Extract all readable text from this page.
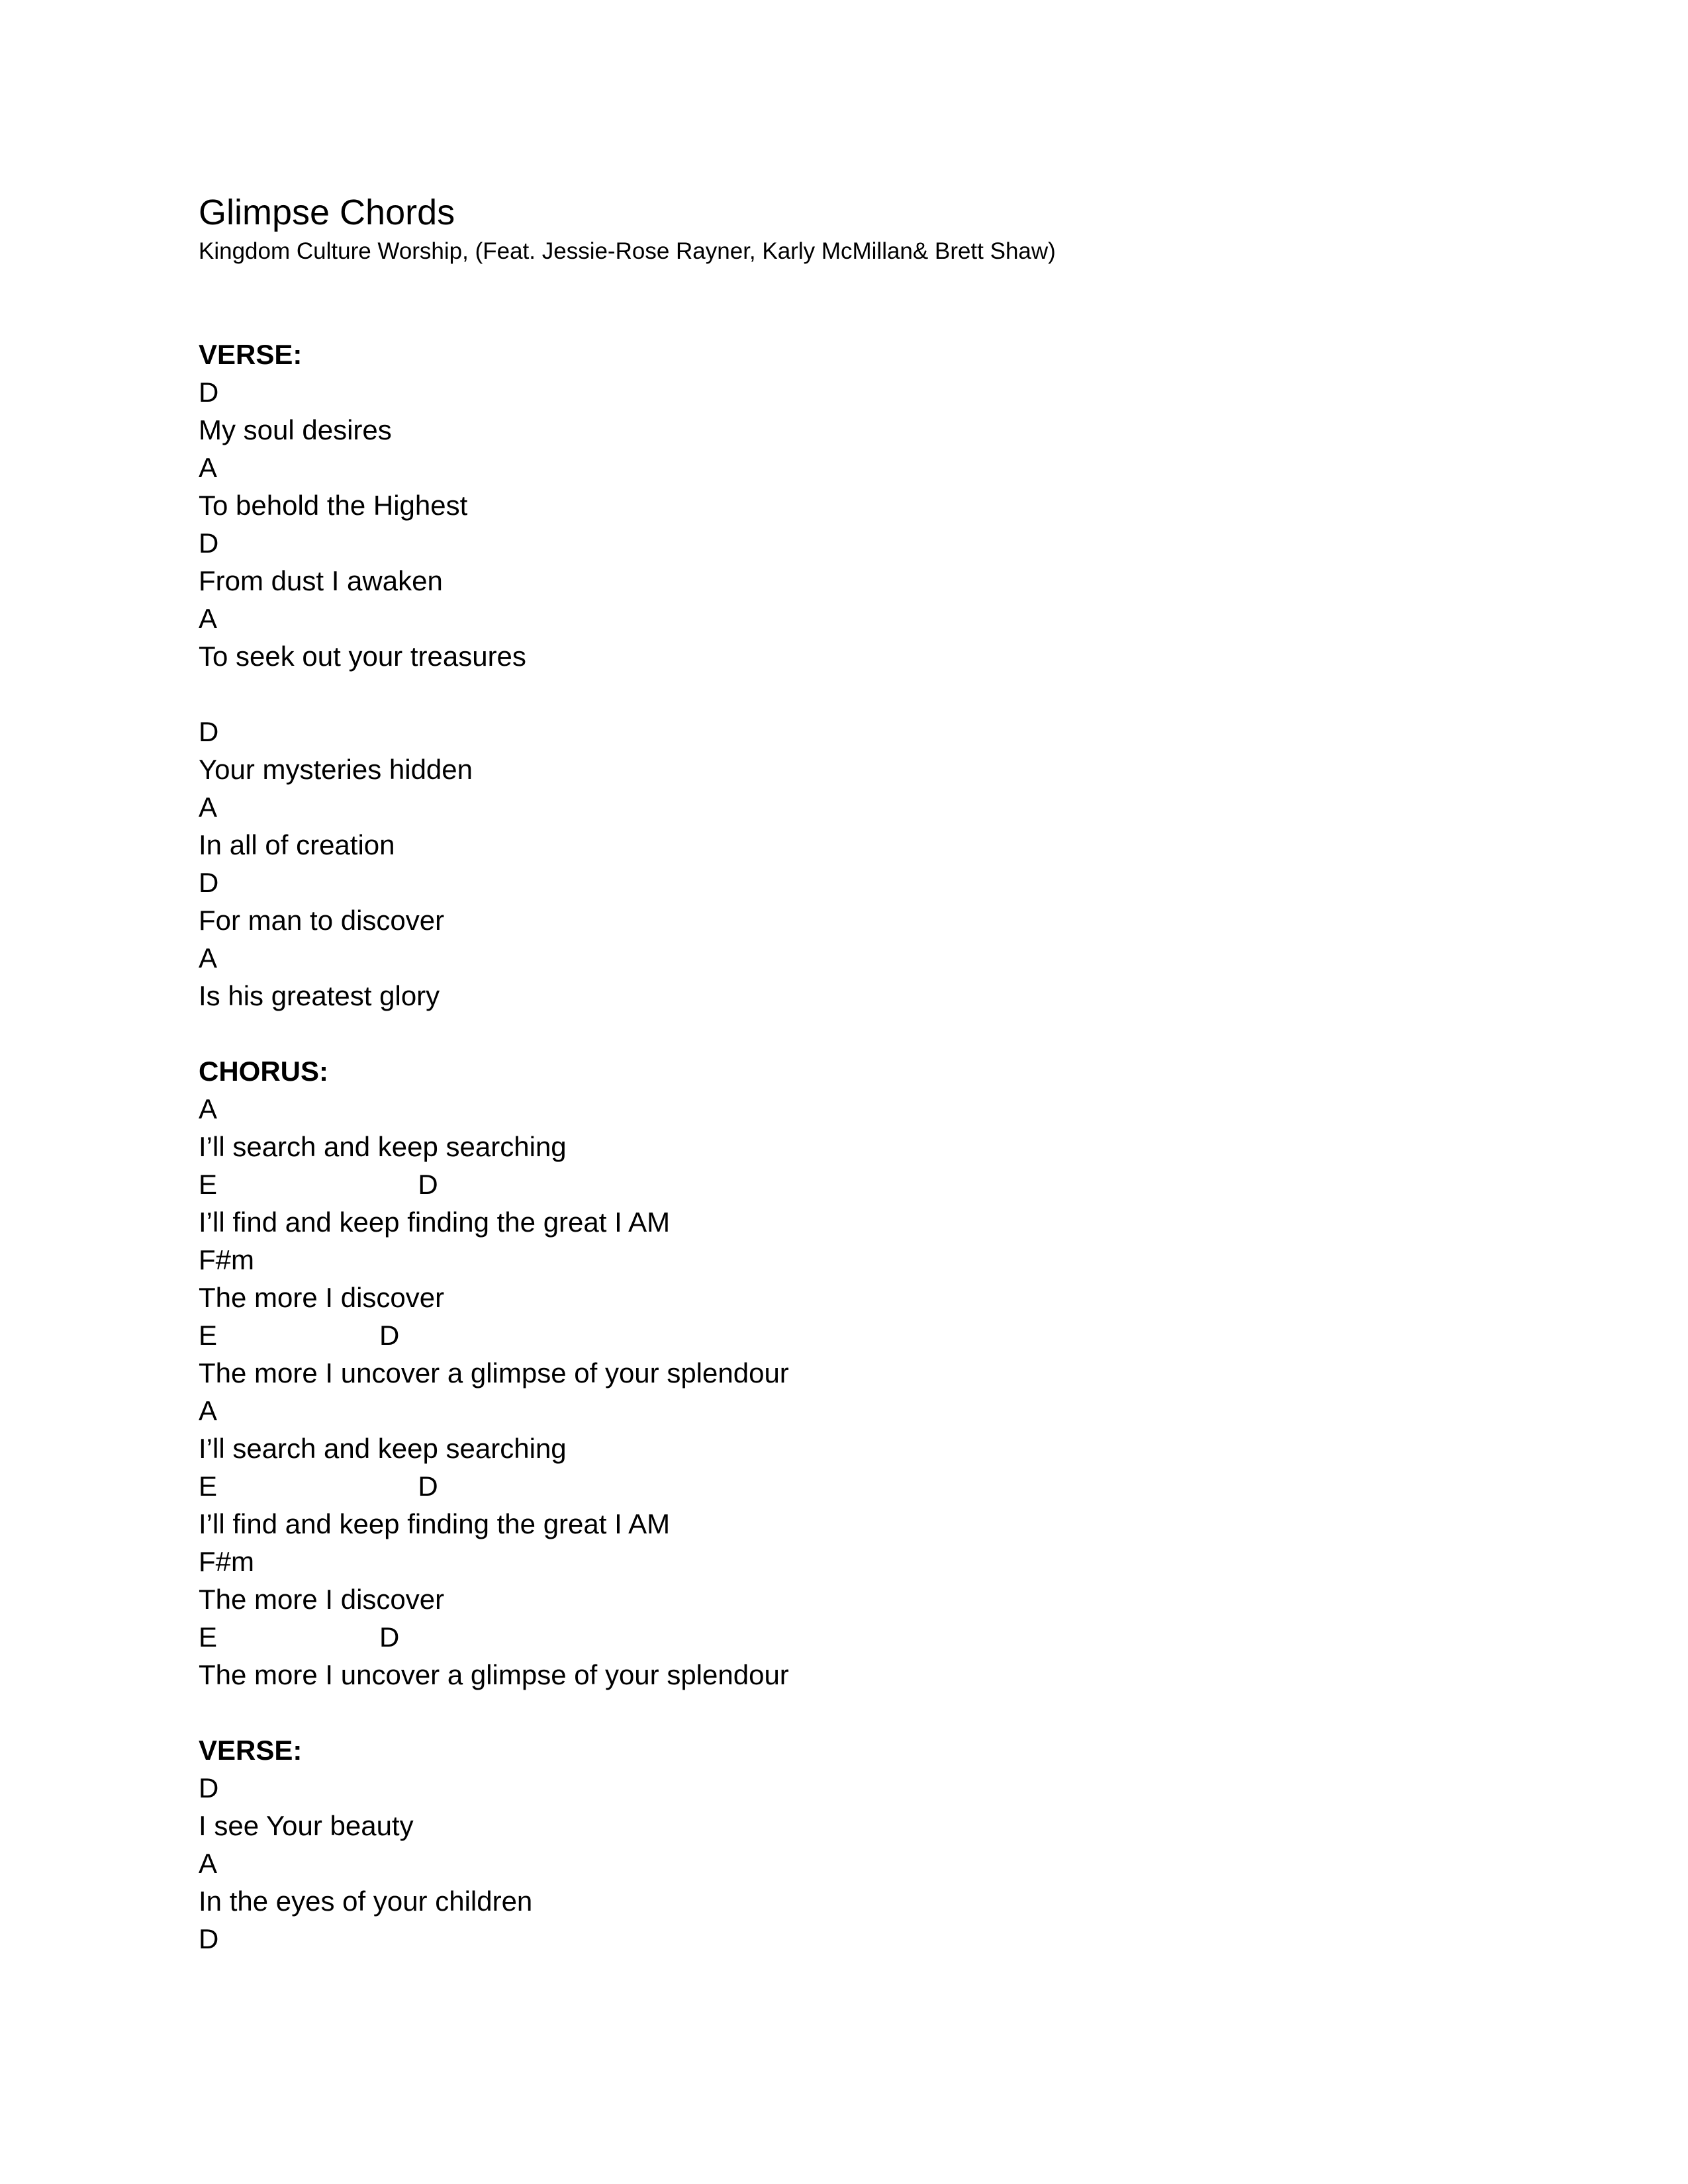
Glimpse Chords

Kingdom Culture Worship, (Feat. Jessie-Rose Rayner, Karly McMillan& Brett Shaw)

VERSE:
D
My soul desires
A
To behold the Highest
D
From dust I awaken
A
To seek out your treasures
D
Your mysteries hidden
A
In all of creation
D
For man to discover
A
Is his greatest glory
CHORUS:
A
I’ll search and keep searching
E                          D
I’ll find and keep finding the great I AM
F#m
The more I discover
E                     D
The more I uncover a glimpse of your splendour
A
I’ll search and keep searching
E                          D
I’ll find and keep finding the great I AM
F#m
The more I discover
E                     D
The more I uncover a glimpse of your splendour
VERSE:
D
I see Your beauty
A
In the eyes of your children
D
